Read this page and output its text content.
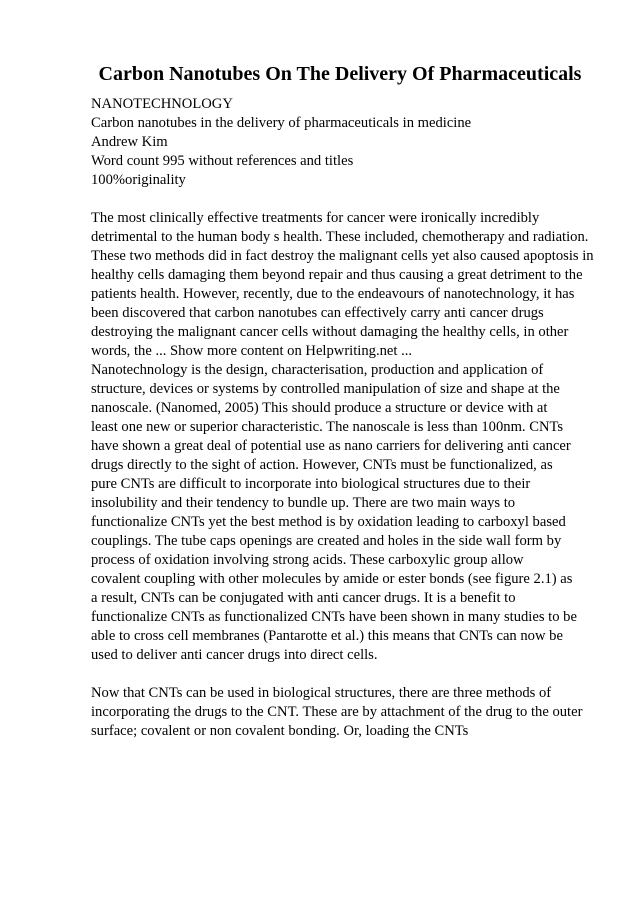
Carbon Nanotubes On The Delivery Of Pharmaceuticals
NANOTECHNOLOGY
Carbon nanotubes in the delivery of pharmaceuticals in medicine
Andrew Kim
Word count 995 without references and titles
100%originality
The most clinically effective treatments for cancer were ironically incredibly
detrimental to the human body s health. These included, chemotherapy and radiation.
These two methods did in fact destroy the malignant cells yet also caused apoptosis in
healthy cells damaging them beyond repair and thus causing a great detriment to the
patients health. However, recently, due to the endeavours of nanotechnology, it has
been discovered that carbon nanotubes can effectively carry anti cancer drugs
destroying the malignant cancer cells without damaging the healthy cells, in other
words, the ... Show more content on Helpwriting.net ...
Nanotechnology is the design, characterisation, production and application of
structure, devices or systems by controlled manipulation of size and shape at the
nanoscale. (Nanomed, 2005) This should produce a structure or device with at
least one new or superior characteristic. The nanoscale is less than 100nm. CNTs
have shown a great deal of potential use as nano carriers for delivering anti cancer
drugs directly to the sight of action. However, CNTs must be functionalized, as
pure CNTs are difficult to incorporate into biological structures due to their
insolubility and their tendency to bundle up. There are two main ways to
functionalize CNTs yet the best method is by oxidation leading to carboxyl based
couplings. The tube caps openings are created and holes in the side wall form by
process of oxidation involving strong acids. These carboxylic group allow
covalent coupling with other molecules by amide or ester bonds (see figure 2.1) as
a result, CNTs can be conjugated with anti cancer drugs. It is a benefit to
functionalize CNTs as functionalized CNTs have been shown in many studies to be
able to cross cell membranes (Pantarotte et al.) this means that CNTs can now be
used to deliver anti cancer drugs into direct cells.
Now that CNTs can be used in biological structures, there are three methods of
incorporating the drugs to the CNT. These are by attachment of the drug to the outer
surface; covalent or non covalent bonding. Or, loading the CNTs
